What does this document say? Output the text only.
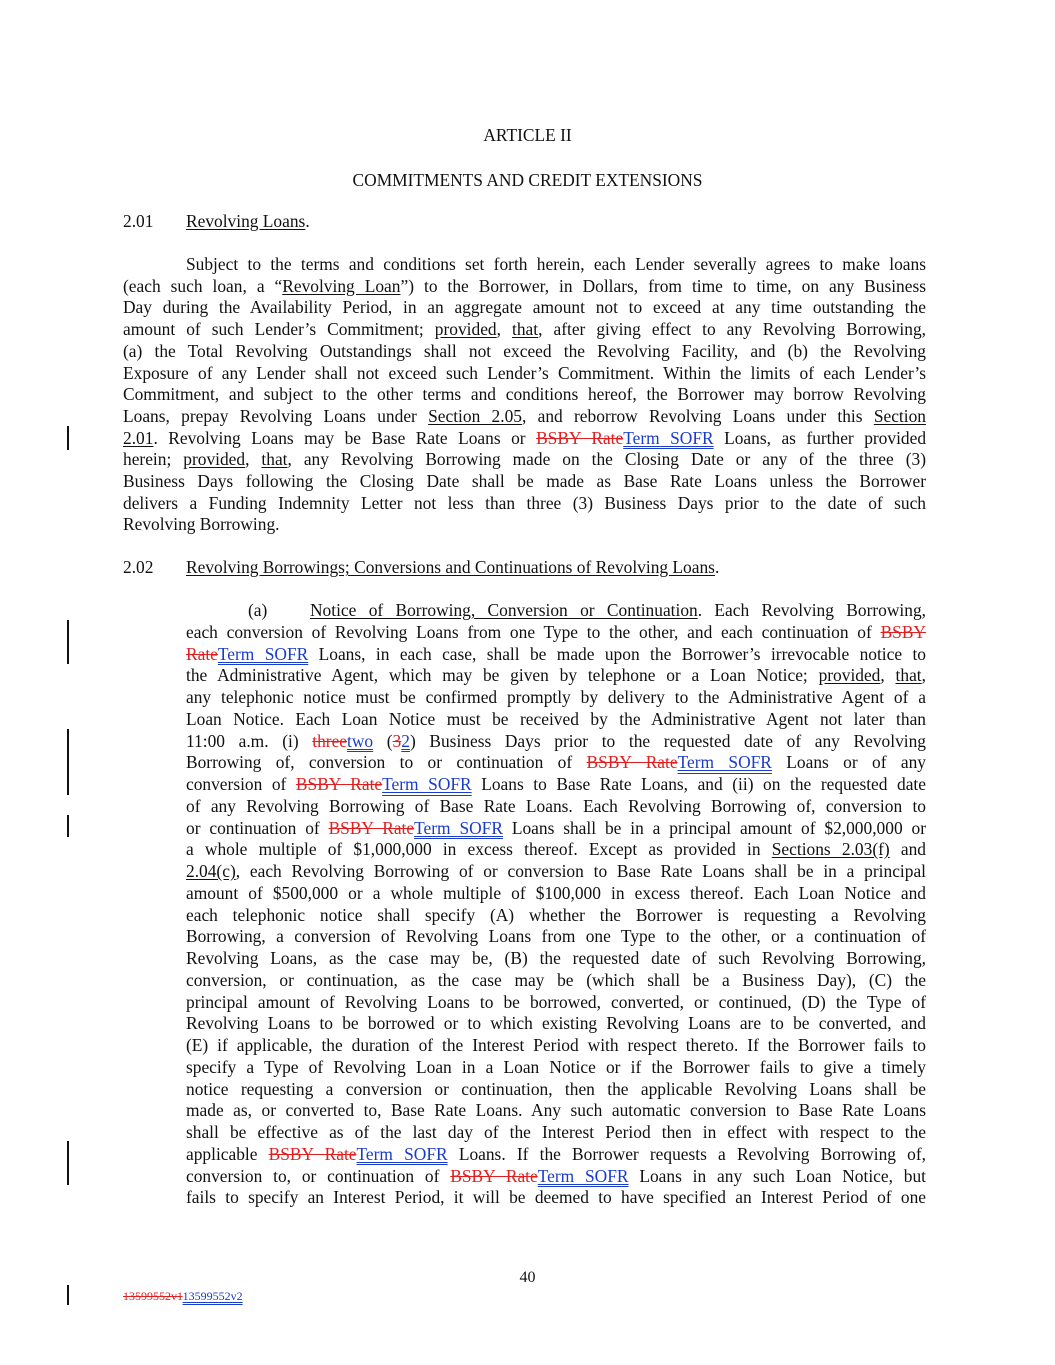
ARTICLE II
COMMITMENTS AND CREDIT EXTENSIONS
2.01 Revolving Loans.
Subject to the terms and conditions set forth herein, each Lender severally agrees to make loans
(each such loan, a “Revolving Loan”) to the Borrower, in Dollars, from time to time, on any Business
Day during the Availability Period, in an aggregate amount not to exceed at any time outstanding the
amount of such Lender’s Commitment; provided, that, after giving effect to any Revolving Borrowing,
(a) the Total Revolving Outstandings shall not exceed the Revolving Facility, and (b) the Revolving
Exposure of any Lender shall not exceed such Lender’s Commitment. Within the limits of each Lender’s
Commitment, and subject to the other terms and conditions hereof, the Borrower may borrow Revolving
Loans, prepay Revolving Loans under Section 2.05, and reborrow Revolving Loans under this Section
2.01. Revolving Loans may be Base Rate Loans or BSBY RateTerm SOFR Loans, as further provided
herein; provided, that, any Revolving Borrowing made on the Closing Date or any of the three (3)
Business Days following the Closing Date shall be made as Base Rate Loans unless the Borrower
delivers a Funding Indemnity Letter not less than three (3) Business Days prior to the date of such
Revolving Borrowing.
2.02 Revolving Borrowings; Conversions and Continuations of Revolving Loans.
(a) Notice of Borrowing, Conversion or Continuation. Each Revolving Borrowing,
each conversion of Revolving Loans from one Type to the other, and each continuation of BSBY
RateTerm SOFR Loans, in each case, shall be made upon the Borrower’s irrevocable notice to
the Administrative Agent, which may be given by telephone or a Loan Notice; provided, that,
any telephonic notice must be confirmed promptly by delivery to the Administrative Agent of a
Loan Notice. Each Loan Notice must be received by the Administrative Agent not later than
11:00 a.m. (i) threetwo (32) Business Days prior to the requested date of any Revolving
Borrowing of, conversion to or continuation of BSBY RateTerm SOFR Loans or of any
conversion of BSBY RateTerm SOFR Loans to Base Rate Loans, and (ii) on the requested date
of any Revolving Borrowing of Base Rate Loans. Each Revolving Borrowing of, conversion to
or continuation of BSBY RateTerm SOFR Loans shall be in a principal amount of $2,000,000 or
a whole multiple of $1,000,000 in excess thereof. Except as provided in Sections 2.03(f) and
2.04(c), each Revolving Borrowing of or conversion to Base Rate Loans shall be in a principal
amount of $500,000 or a whole multiple of $100,000 in excess thereof. Each Loan Notice and
each telephonic notice shall specify (A) whether the Borrower is requesting a Revolving
Borrowing, a conversion of Revolving Loans from one Type to the other, or a continuation of
Revolving Loans, as the case may be, (B) the requested date of such Revolving Borrowing,
conversion, or continuation, as the case may be (which shall be a Business Day), (C) the
principal amount of Revolving Loans to be borrowed, converted, or continued, (D) the Type of
Revolving Loans to be borrowed or to which existing Revolving Loans are to be converted, and
(E) if applicable, the duration of the Interest Period with respect thereto. If the Borrower fails to
specify a Type of Revolving Loan in a Loan Notice or if the Borrower fails to give a timely
notice requesting a conversion or continuation, then the applicable Revolving Loans shall be
made as, or converted to, Base Rate Loans. Any such automatic conversion to Base Rate Loans
shall be effective as of the last day of the Interest Period then in effect with respect to the
applicable BSBY RateTerm SOFR Loans. If the Borrower requests a Revolving Borrowing of,
conversion to, or continuation of BSBY RateTerm SOFR Loans in any such Loan Notice, but
fails to specify an Interest Period, it will be deemed to have specified an Interest Period of one
40
13599552v113599552v2
